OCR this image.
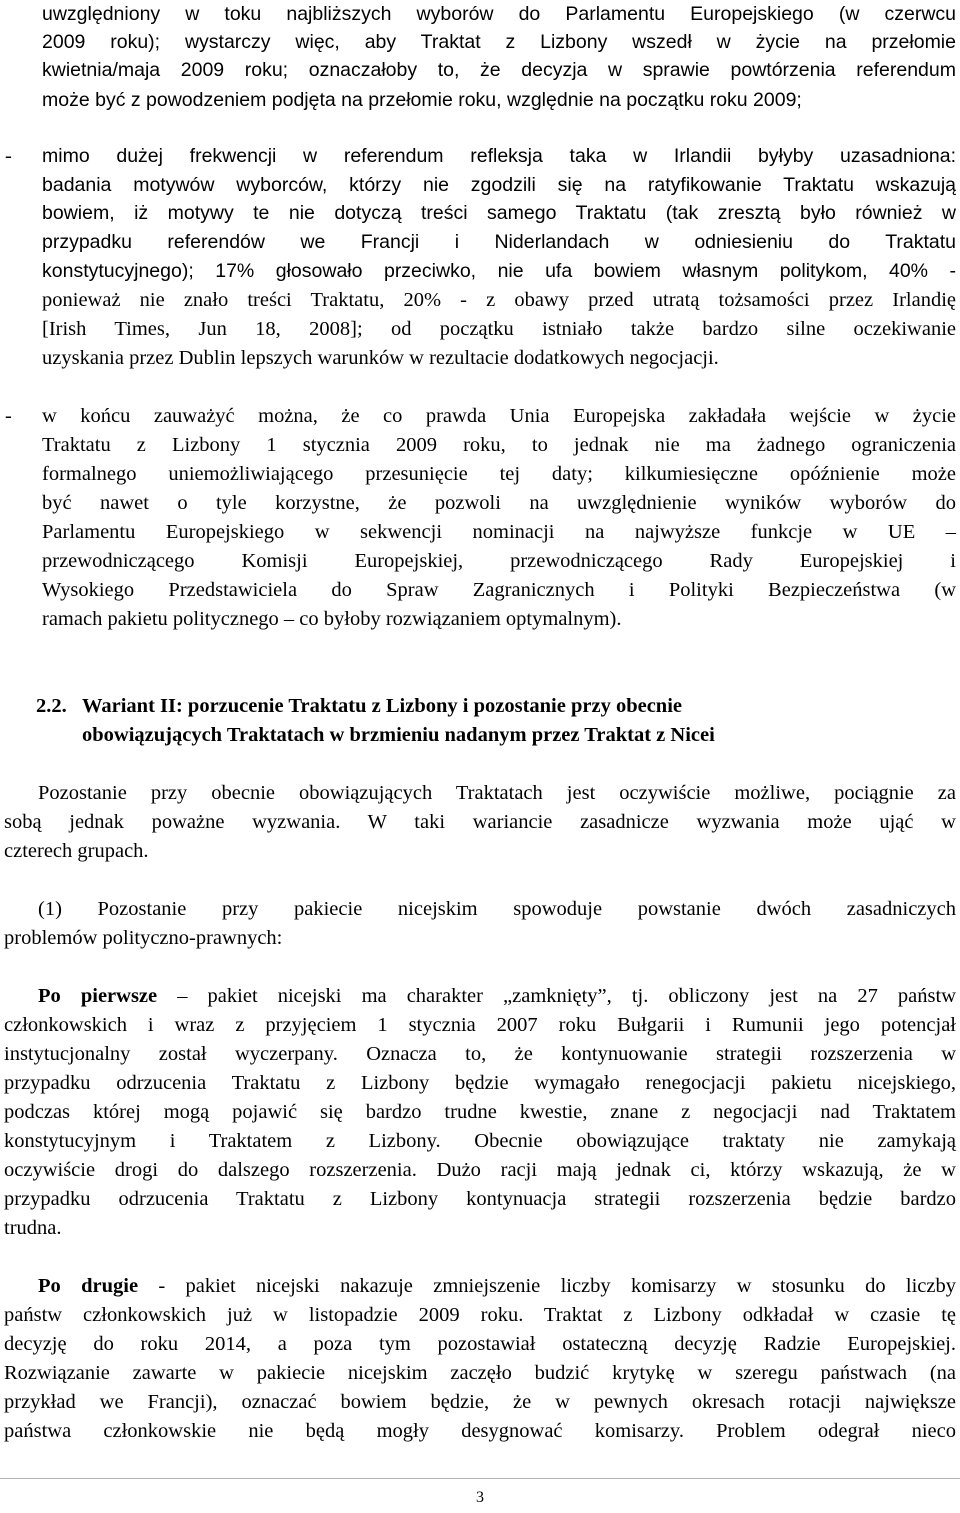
uwzględniony w toku najbliższych wyborów do Parlamentu Europejskiego (w czerwcu
2009 roku); wystarczy więc, aby Traktat z Lizbony wszedł w życie na przełomie
kwietnia/maja 2009 roku; oznaczałoby to, że decyzja w sprawie powtórzenia referendum
może być z powodzeniem podjęta na przełomie roku, względnie na początku roku 2009;
- mimo dużej frekwencji w referendum refleksja taka w Irlandii byłyby uzasadniona:
badania motywów wyborców, którzy nie zgodzili się na ratyfikowanie Traktatu wskazują
bowiem, iż motywy te nie dotyczą treści samego Traktatu (tak zresztą było również w
przypadku referendów we Francji i Niderlandach w odniesieniu do Traktatu
konstytucyjnego); 17% głosowało przeciwko, nie ufa bowiem własnym politykom, 40% -
ponieważ nie znało treści Traktatu, 20% - z obawy przed utratą tożsamości przez Irlandię
[Irish Times, Jun 18, 2008]; od początku istniało także bardzo silne oczekiwanie
uzyskania przez Dublin lepszych warunków w rezultacie dodatkowych negocjacji.
- w końcu zauważyć można, że co prawda Unia Europejska zakładała wejście w życie
Traktatu z Lizbony 1 stycznia 2009 roku, to jednak nie ma żadnego ograniczenia
formalnego uniemożliwiającego przesunięcie tej daty; kilkumiesięczne opóźnienie może
być nawet o tyle korzystne, że pozwoli na uwzględnienie wyników wyborów do
Parlamentu Europejskiego w sekwencji nominacji na najwyższe funkcje w UE –
przewodniczącego Komisji Europejskiej, przewodniczącego Rady Europejskiej i
Wysokiego Przedstawiciela do Spraw Zagranicznych i Polityki Bezpieczeństwa (w
ramach pakietu politycznego – co byłoby rozwiązaniem optymalnym).
2.2. Wariant II: porzucenie Traktatu z Lizbony i pozostanie przy obecnie
obowiązujących Traktatach w brzmieniu nadanym przez Traktat z Nicei
Pozostanie przy obecnie obowiązujących Traktatach jest oczywiście możliwe, pociągnie za
sobą jednak poważne wyzwania. W taki wariancie zasadnicze wyzwania może ująć w
czterech grupach.
(1) Pozostanie przy pakiecie nicejskim spowoduje powstanie dwóch zasadniczych
problemów polityczno-prawnych:
Po pierwsze – pakiet nicejski ma charakter „zamknięty”, tj. obliczony jest na 27 państw
członkowskich i wraz z przyjęciem 1 stycznia 2007 roku Bułgarii i Rumunii jego potencjał
instytucjonalny został wyczerpany. Oznacza to, że kontynuowanie strategii rozszerzenia w
przypadku odrzucenia Traktatu z Lizbony będzie wymagało renegocjacji pakietu nicejskiego,
podczas której mogą pojawić się bardzo trudne kwestie, znane z negocjacji nad Traktatem
konstytucyjnym i Traktatem z Lizbony. Obecnie obowiązujące traktaty nie zamykają
oczywiście drogi do dalszego rozszerzenia. Dużo racji mają jednak ci, którzy wskazują, że w
przypadku odrzucenia Traktatu z Lizbony kontynuacja strategii rozszerzenia będzie bardzo
trudna.
Po drugie - pakiet nicejski nakazuje zmniejszenie liczby komisarzy w stosunku do liczby
państw członkowskich już w listopadzie 2009 roku. Traktat z Lizbony odkładał w czasie tę
decyzję do roku 2014, a poza tym pozostawiał ostateczną decyzję Radzie Europejskiej.
Rozwiązanie zawarte w pakiecie nicejskim zaczęło budzić krytykę w szeregu państwach (na
przykład we Francji), oznaczać bowiem będzie, że w pewnych okresach rotacji największe
państwa członkowskie nie będą mogły desygnować komisarzy. Problem odegrał nieco
3
